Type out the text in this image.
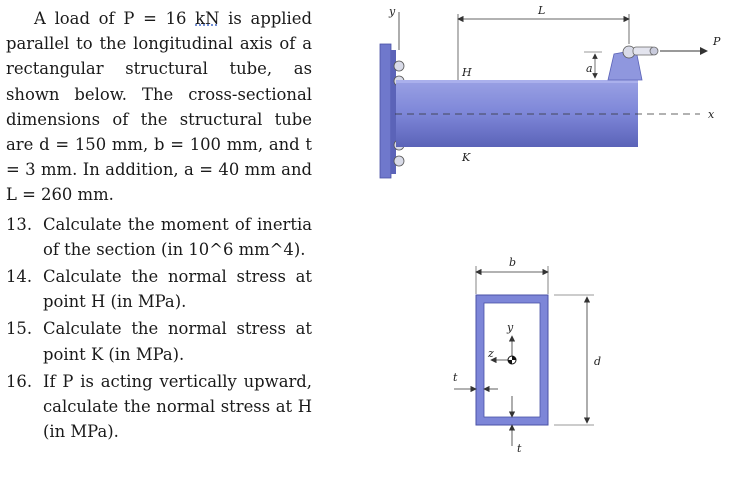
A load of P = 16 kN is applied parallel to the longitudinal axis of a rectangular structural tube, as shown below. The cross-sectional dimensions of the structural tube are d = 150 mm, b = 100 mm, and t = 3 mm. In addition, a = 40 mm and L = 260 mm.

13. Calculate the moment of inertia of the section (in 10^6 mm^4).
14. Calculate the normal stress at point H (in MPa).
15. Calculate the normal stress at point K (in MPa).
16. If P is acting vertically upward, calculate the normal stress at H (in MPa).
y
P
L
H	a
x
K
b
y
z
d
t
t
